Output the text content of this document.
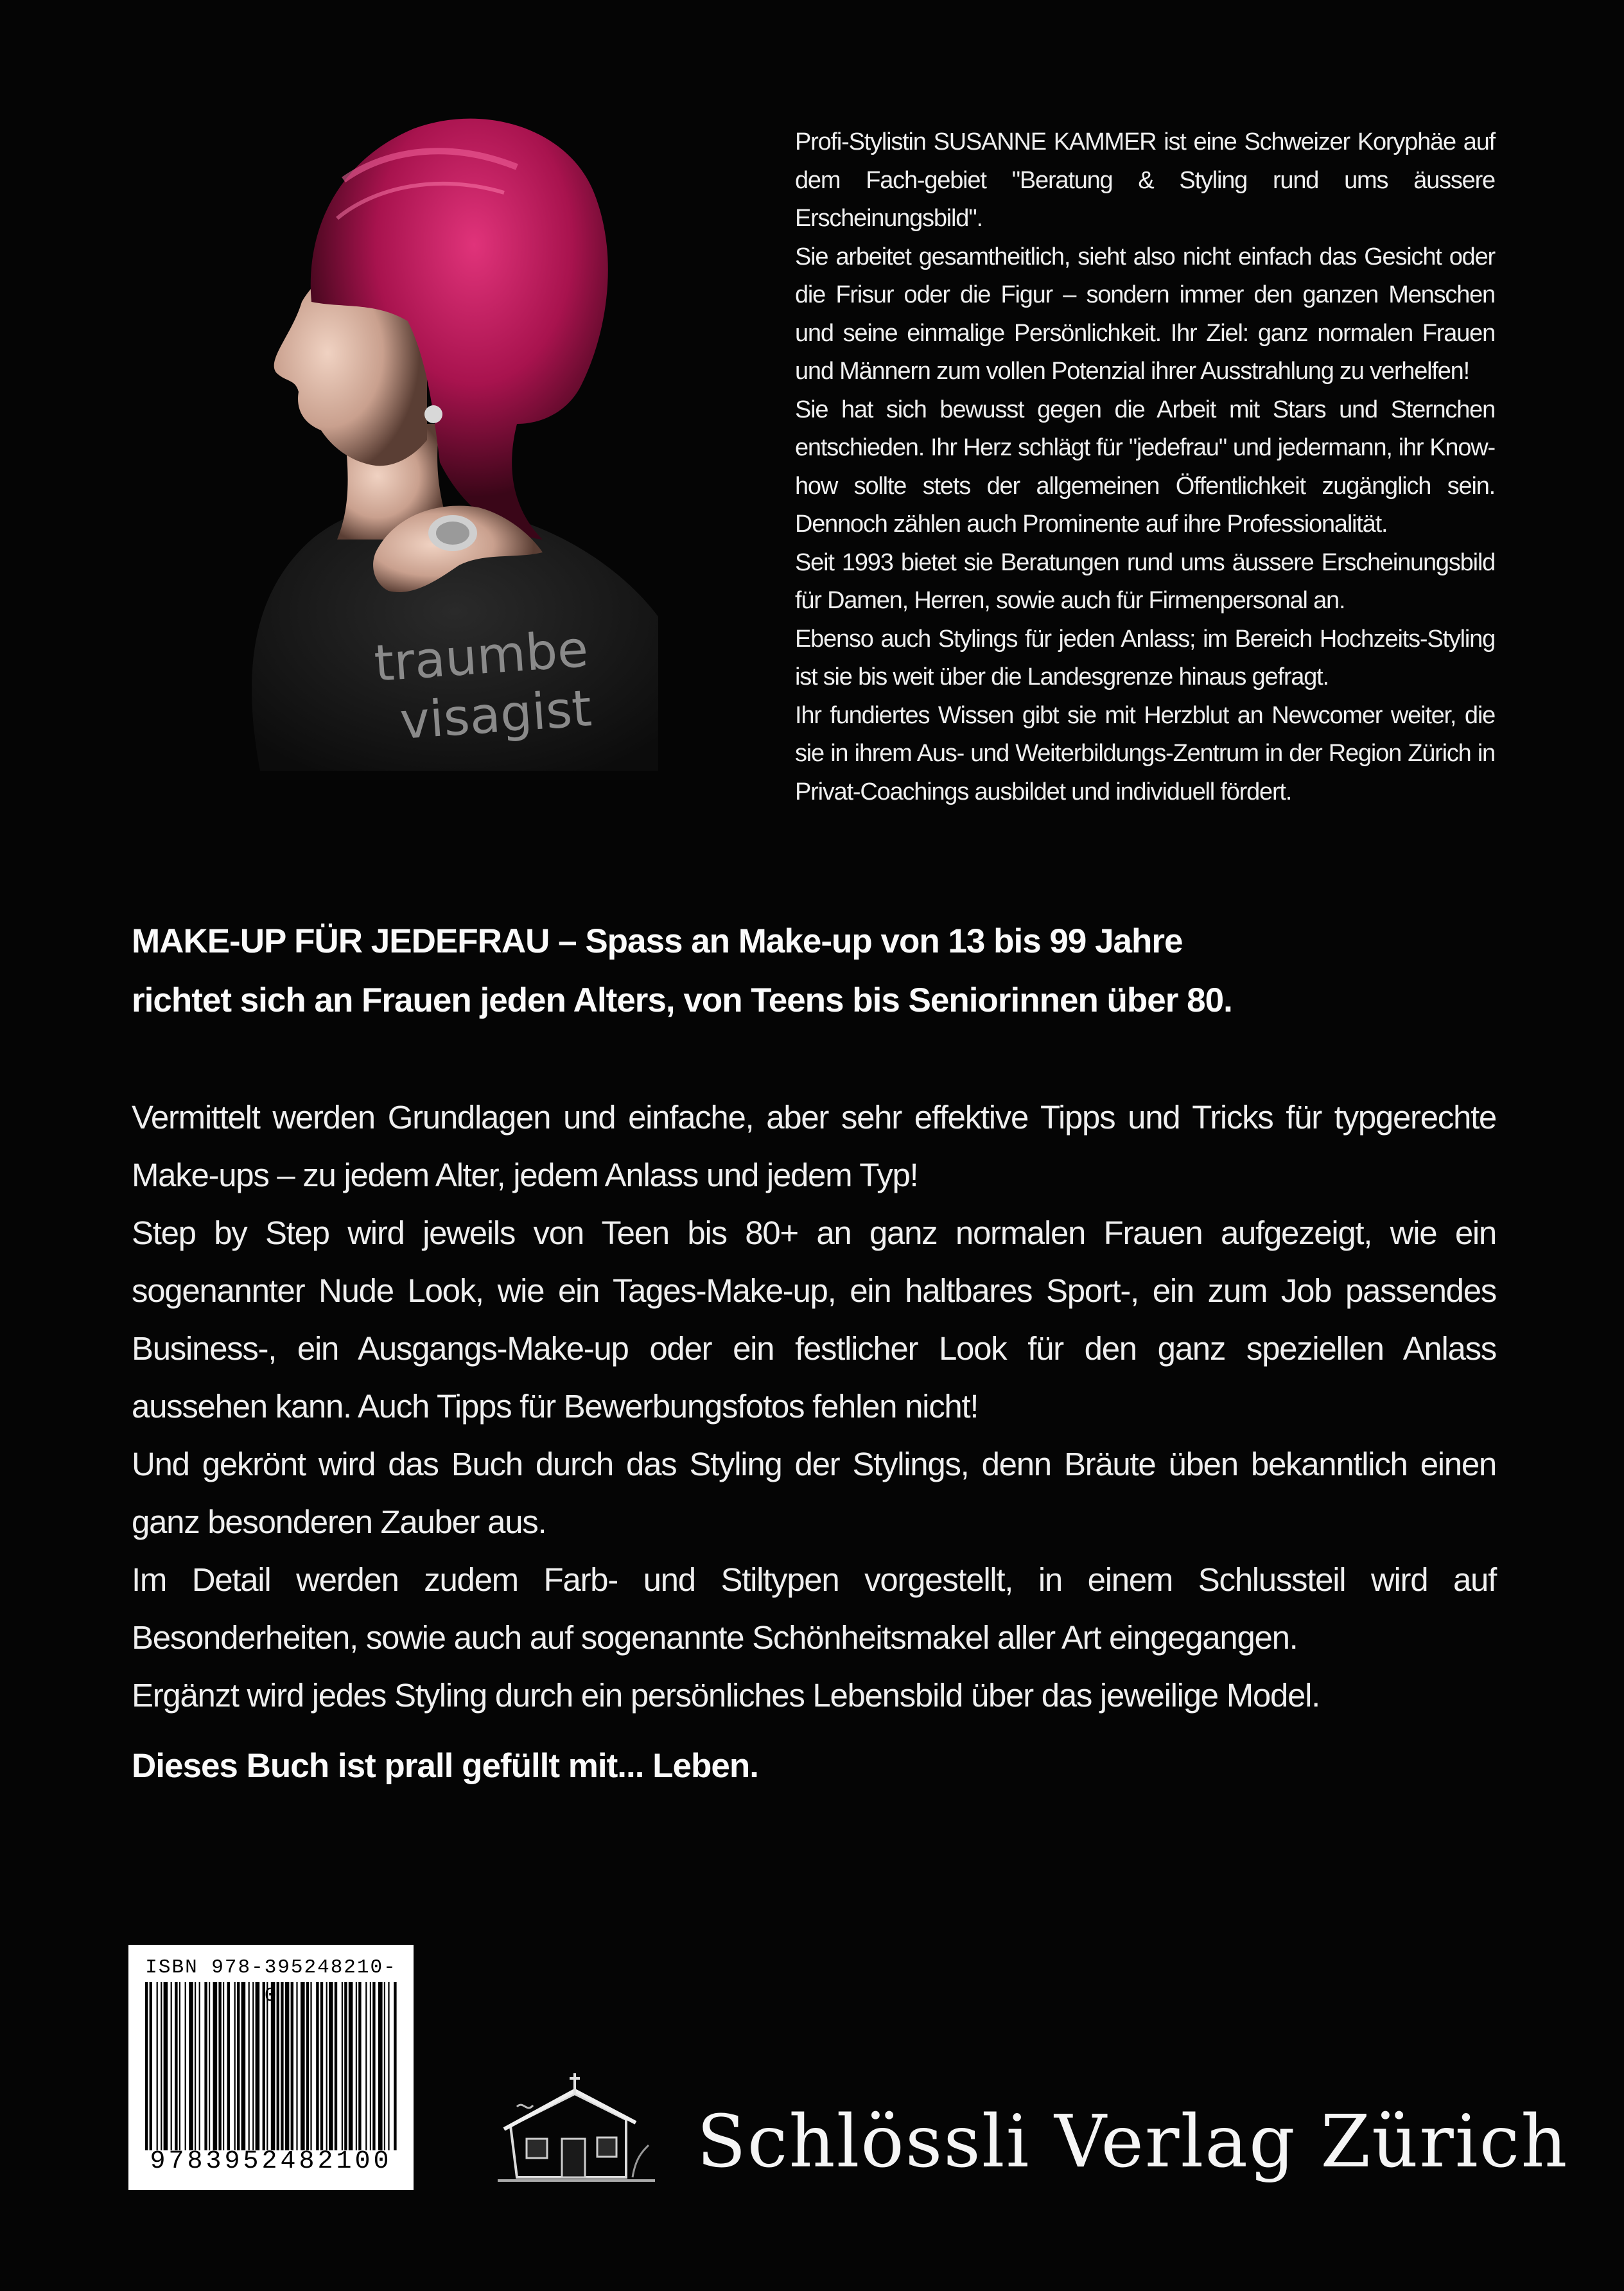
traumbe
visagist

Profi-Stylistin SUSANNE KAMMER ist eine Schweizer Koryphäe auf dem Fach-gebiet "Beratung & Styling rund ums äussere Erscheinungsbild".

Sie arbeitet gesamtheitlich, sieht also nicht einfach das Gesicht oder die Frisur oder die Figur – sondern immer den ganzen Menschen und seine einmalige Persönlichkeit. Ihr Ziel: ganz normalen Frauen und Männern zum vollen Potenzial ihrer Ausstrahlung zu verhelfen!

Sie hat sich bewusst gegen die Arbeit mit Stars und Sternchen entschieden. Ihr Herz schlägt für "jedefrau" und jedermann, ihr Know-how sollte stets der allgemeinen Öffentlichkeit zugänglich sein. Dennoch zählen auch Prominente auf ihre Professionalität.

Seit 1993 bietet sie Beratungen rund ums äussere Erscheinungsbild für Damen, Herren, sowie auch für Firmenpersonal an.

Ebenso auch Stylings für jeden Anlass; im Bereich Hochzeits-Styling ist sie bis weit über die Landesgrenze hinaus gefragt.

Ihr fundiertes Wissen gibt sie mit Herzblut an Newcomer weiter, die sie in ihrem Aus- und Weiterbildungs-Zentrum in der Region Zürich in Privat-Coachings ausbildet und individuell fördert.

MAKE-UP FÜR JEDEFRAU – Spass an Make-up von 13 bis 99 Jahre

richtet sich an Frauen jeden Alters, von Teens bis Seniorinnen über 80.

Vermittelt werden Grundlagen und einfache, aber sehr effektive Tipps und Tricks für typgerechte Make-ups – zu jedem Alter, jedem Anlass und jedem Typ!

Step by Step wird jeweils von Teen bis 80+ an ganz normalen Frauen aufgezeigt, wie ein sogenannter Nude Look, wie ein Tages-Make-up, ein haltbares Sport-, ein zum Job passendes Business-, ein Ausgangs-Make-up oder ein festlicher Look für den ganz speziellen Anlass aussehen kann. Auch Tipps für Bewerbungsfotos fehlen nicht!

Und gekrönt wird das Buch durch das Styling der Stylings, denn Bräute üben bekanntlich einen ganz besonderen Zauber aus.

Im Detail werden zudem Farb- und Stiltypen vorgestellt, in einem Schlussteil wird auf Besonderheiten, sowie auch auf sogenannte Schönheitsmakel aller Art eingegangen.

Ergänzt wird jedes Styling durch ein persönliches Lebensbild über das jeweilige Model.

Dieses Buch ist prall gefüllt mit... Leben.
ISBN 978-395248210-
9783952482100	Schlössli Verlag Zürich
